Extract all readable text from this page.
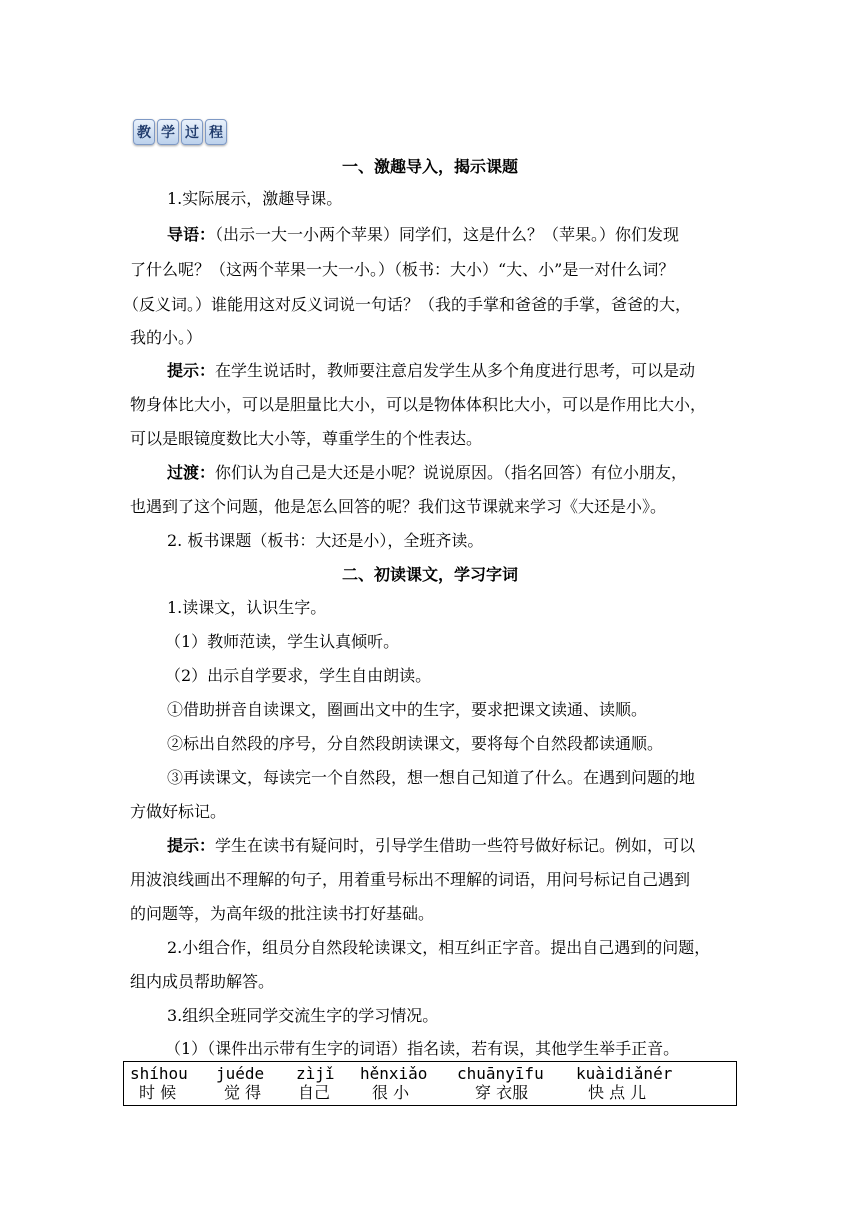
教 学 过 程
一、激趣导入，揭示课题
1.实际展示，激趣导课。
导语：（出示一大一小两个苹果）同学们，这是什么？（苹果。）你们发现
了什么呢？（这两个苹果一大一小。）（板书：大小）“大、小”是一对什么词？
（反义词。）谁能用这对反义词说一句话？（我的手掌和爸爸的手掌，爸爸的大，
我的小。）
提示：在学生说话时，教师要注意启发学生从多个角度进行思考，可以是动
物身体比大小，可以是胆量比大小，可以是物体体积比大小，可以是作用比大小，
可以是眼镜度数比大小等，尊重学生的个性表达。
过渡：你们认为自己是大还是小呢？说说原因。（指名回答）有位小朋友，
也遇到了这个问题，他是怎么回答的呢？我们这节课就来学习《大还是小》。
2. 板书课题（板书：大还是小），全班齐读。
二、初读课文，学习字词
1.读课文，认识生字。
（1）教师范读，学生认真倾听。
（2）出示自学要求，学生自由朗读。
①借助拼音自读课文，圈画出文中的生字，要求把课文读通、读顺。
②标出自然段的序号，分自然段朗读课文，要将每个自然段都读通顺。
③再读课文，每读完一个自然段，想一想自己知道了什么。在遇到问题的地
方做好标记。
提示：学生在读书有疑问时，引导学生借助一些符号做好标记。例如，可以
用波浪线画出不理解的句子，用着重号标出不理解的词语，用问号标记自己遇到
的问题等，为高年级的批注读书打好基础。
2.小组合作，组员分自然段轮读课文，相互纠正字音。提出自己遇到的问题，
组内成员帮助解答。
3.组织全班同学交流生字的学习情况。
（1）（课件出示带有生字的词语）指名读，若有误，其他学生举手正音。
shíhou
时 候
juéde
觉 得
zìjǐ
自己
hěnxiǎo
很 小
chuānyīfu
穿 衣服
kuàidiǎnér
快 点 儿
